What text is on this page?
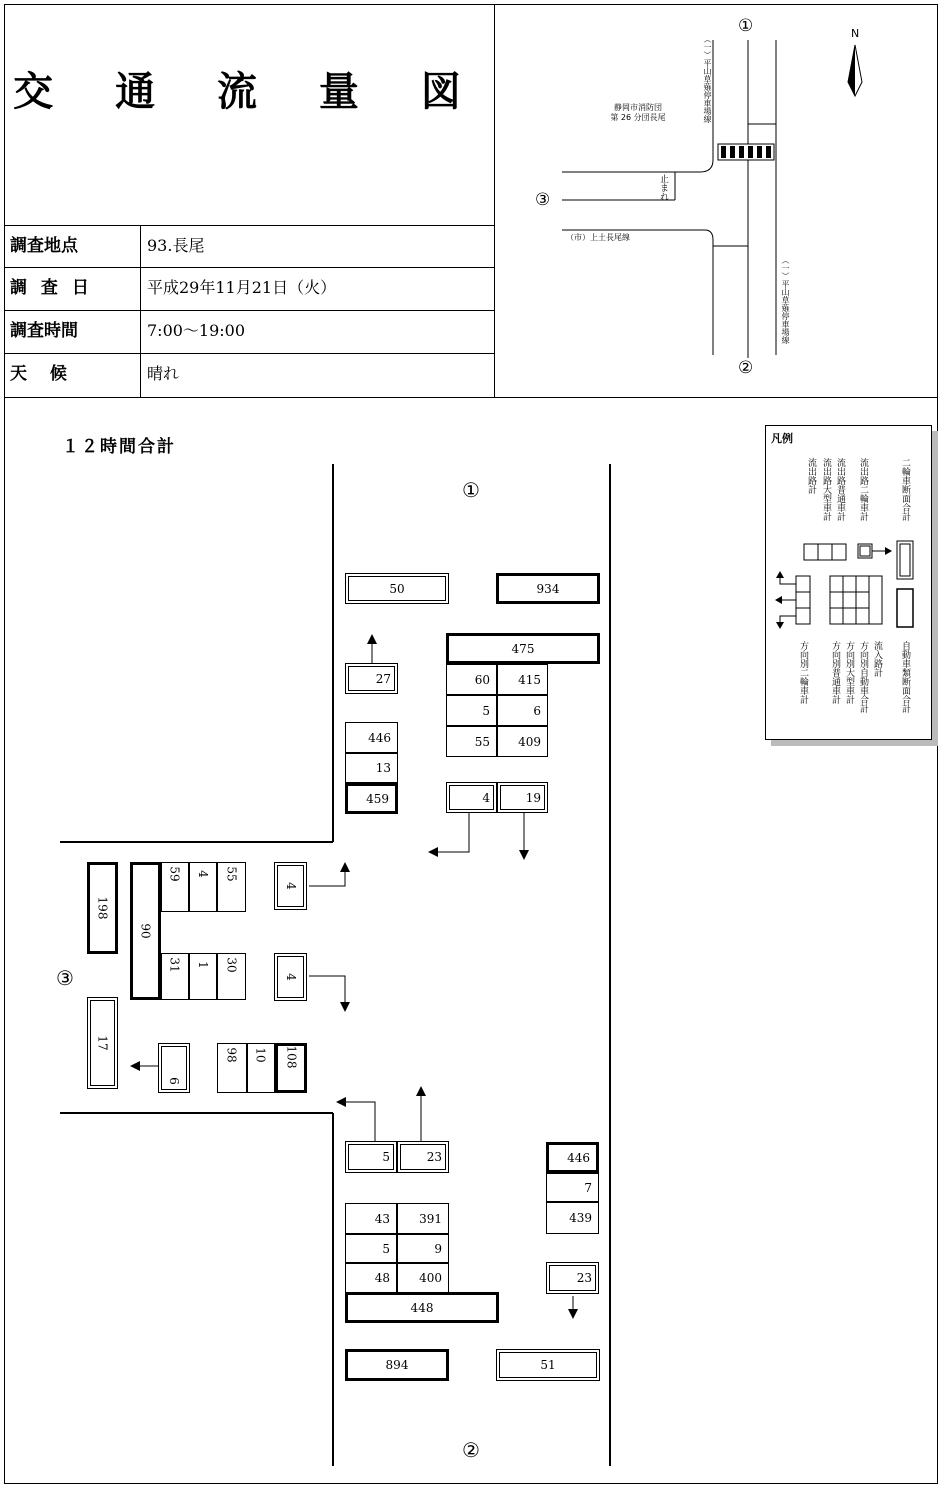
交 通 流 量 図
調査地点	93.長尾
調 査 日	平成29年11月21日（火）
調査時間	7:00～19:00
天　 候	晴れ
N
静岡市消防団
第 26 分団長尾	（一）平山草薙停車場線
（市）上土長尾線
（一）平山草薙停車場線
止まれ
①
②
③
１２時間合計
①
③
②
50	934
475
60	415
5	6
55	409
4	19
27
446
13
459
198
17
90
59 4 55
31 1 30
4
4
6
98 10 108
5	23
43	391
5	9
48	400
448
446
7
439
23
894	51
凡例
流出路計 流出路大型車計 流出路普通車計 流出路二輪車計	二輪車断面合計
方向別二輪車計 方向別普通車計 方向別大型車計 方向別自動車合計 流入路計 自動車類断面合計
